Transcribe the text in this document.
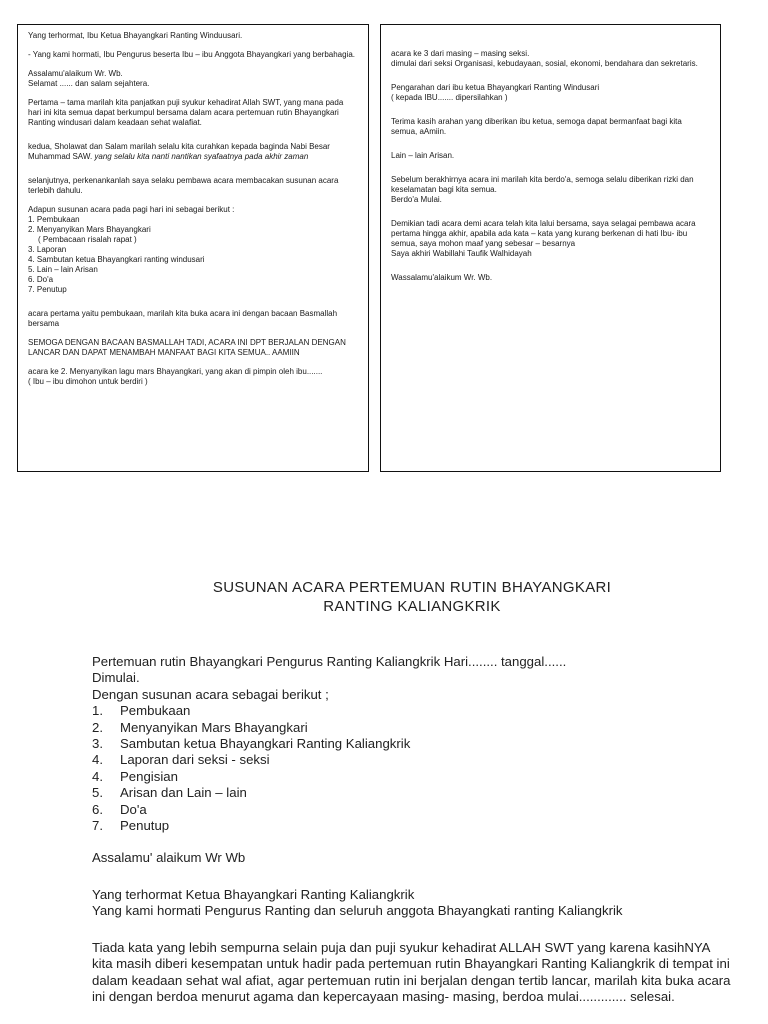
Yang terhormat, Ibu Ketua Bhayangkari Ranting Winduusari.

- Yang kami hormati, Ibu Pengurus beserta Ibu – ibu Anggota Bhayangkari yang berbahagia.

Assalamu'alaikum Wr. Wb.

Selamat ...... dan salam sejahtera.

Pertama – tama marilah kita panjatkan puji syukur kehadirat Allah SWT, yang mana pada hari ini kita semua dapat berkumpul bersama dalam acara pertemuan rutin Bhayangkari Ranting windusari dalam keadaan sehat walafiat.

kedua, Sholawat dan Salam marilah selalu kita curahkan kepada baginda Nabi Besar Muhammad SAW. yang selalu kita nanti nantikan syafaatnya pada akhir zaman

selanjutnya, perkenankanlah saya selaku pembawa acara membacakan susunan acara terlebih dahulu.

Adapun susunan acara pada pagi hari ini sebagai berikut :
1. Pembukaan
2. Menyanyikan Mars Bhayangkari
( Pembacaan risalah rapat )
3. Laporan
4. Sambutan ketua Bhayangkari ranting windusari
5. Lain – lain Arisan
6. Do'a
7. Penutup

acara pertama yaitu pembukaan, marilah kita buka acara ini dengan bacaan Basmallah bersama

SEMOGA DENGAN BACAAN BASMALLAH TADI, ACARA INI DPT BERJALAN DENGAN LANCAR DAN DAPAT MENAMBAH MANFAAT BAGI KITA SEMUA.. AAMIIN

acara ke 2. Menyanyikan lagu mars Bhayangkari, yang akan di pimpin oleh ibu.......

( Ibu – ibu dimohon untuk berdiri )

acara ke 3 dari masing – masing seksi.

dimulai dari seksi Organisasi, kebudayaan, sosial, ekonomi, bendahara dan sekretaris.

Pengarahan dari ibu ketua Bhayangkari Ranting Windusari

( kepada IBU....... dipersilahkan )

Terima kasih arahan yang diberikan ibu ketua, semoga dapat bermanfaat bagi kita semua, aAmiin.

Lain – lain Arisan.

Sebelum berakhirnya acara ini marilah kita berdo'a, semoga selalu diberikan rizki dan keselamatan bagi kita semua.

Berdo'a Mulai.

Demikian tadi acara demi acara telah kita lalui bersama, saya selagai pembawa acara pertama hingga akhir, apabila ada kata – kata yang kurang berkenan di hati Ibu- ibu semua, saya mohon maaf yang sebesar – besarnya

Saya akhiri Wabillahi Taufik Walhidayah

Wassalamu'alaikum Wr. Wb.

SUSUNAN ACARA PERTEMUAN RUTIN BHAYANGKARI
RANTING KALIANGKRIK

Pertemuan rutin Bhayangkari Pengurus Ranting Kaliangkrik Hari........ tanggal......

Dimulai.

Dengan susunan acara sebagai berikut ;

1.	Pembukaan
2.	Menyanyikan Mars Bhayangkari
3.	Sambutan ketua Bhayangkari Ranting Kaliangkrik
4.	Laporan dari seksi - seksi
4.	Pengisian
5.	Arisan dan Lain – lain
6.	Do'a
7.	Penutup

Assalamu' alaikum Wr Wb

Yang terhormat Ketua Bhayangkari Ranting Kaliangkrik

Yang kami hormati Pengurus Ranting dan seluruh anggota Bhayangkati ranting Kaliangkrik

Tiada kata yang lebih sempurna selain puja dan puji syukur kehadirat ALLAH SWT yang karena kasihNYA kita masih diberi kesempatan untuk hadir pada pertemuan rutin Bhayangkari Ranting Kaliangkrik di tempat ini dalam keadaan sehat wal afiat, agar pertemuan rutin ini berjalan dengan tertib lancar, marilah kita buka acara ini dengan berdoa menurut agama dan kepercayaan masing- masing, berdoa mulai............. selesai.
